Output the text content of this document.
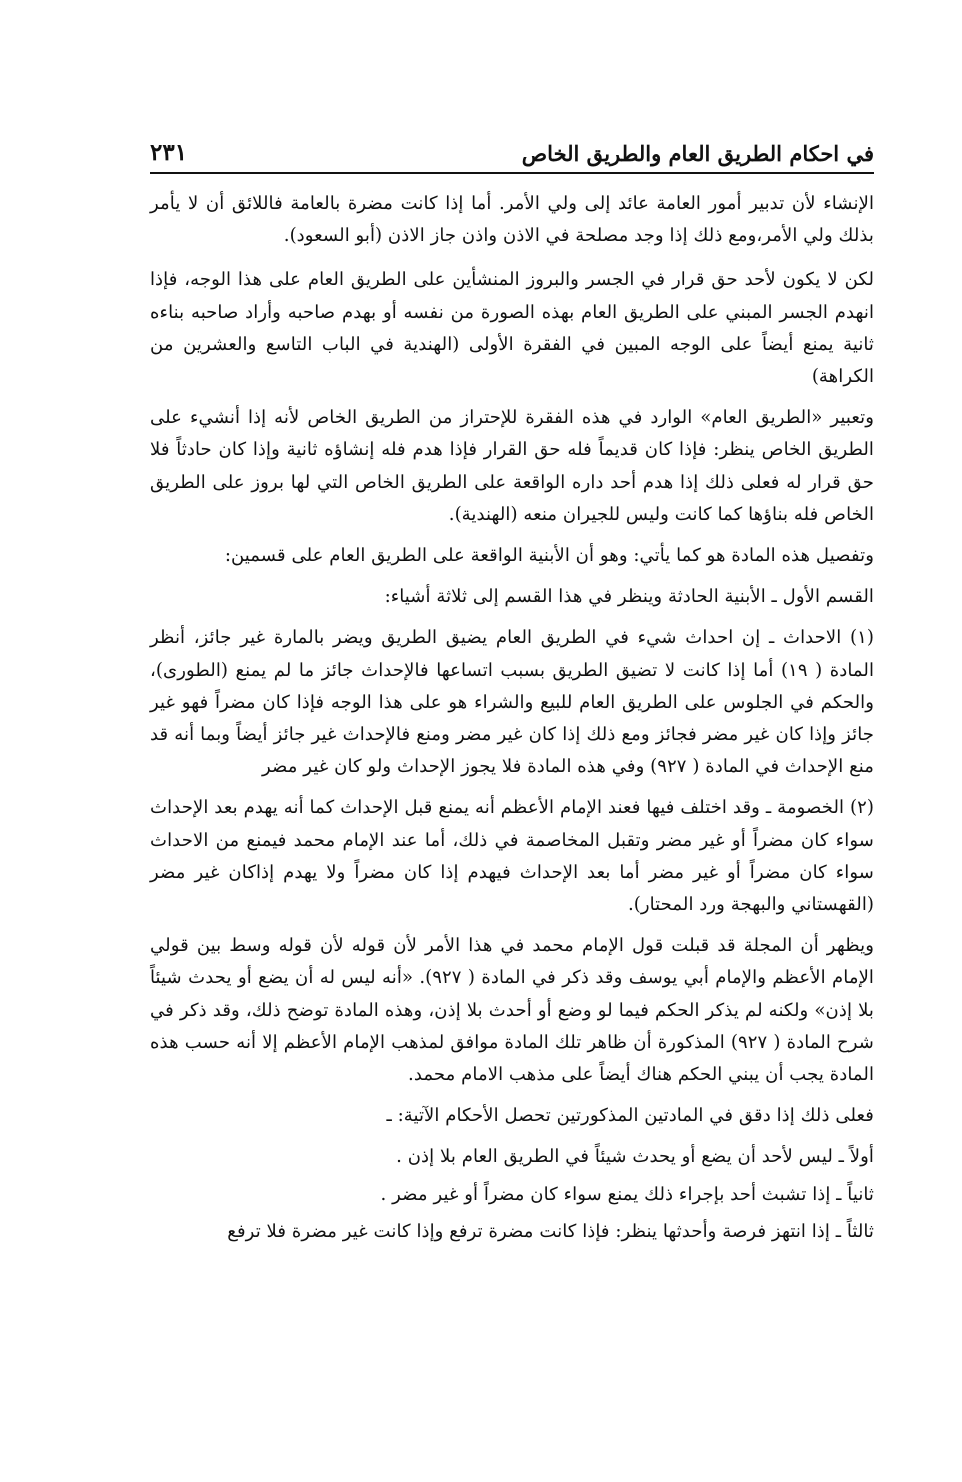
في احكام الطريق العام والطريق الخاص
٢٣١

الإنشاء لأن تدبير أمور العامة عائد إلى ولي الأمر. أما إذا كانت مضرة بالعامة فاللائق أن لا يأمر بذلك ولي الأمر،ومع ذلك إذا وجد مصلحة في الاذن واذن جاز الاذن (أبو السعود).

لكن لا يكون لأحد حق قرار في الجسر والبروز المنشأين على الطريق العام على هذا الوجه، فإذا انهدم الجسر المبني على الطريق العام بهذه الصورة من نفسه أو بهدم صاحبه وأراد صاحبه بناءه ثانية يمنع أيضاً على الوجه المبين في الفقرة الأولى (الهندية في الباب التاسع والعشرين من الكراهة)

وتعبير «الطريق العام» الوارد في هذه الفقرة للإحتراز من الطريق الخاص لأنه إذا أنشيء على الطريق الخاص ينظر: فإذا كان قديماً فله حق القرار فإذا هدم فله إنشاؤه ثانية وإذا كان حادثاً فلا حق قرار له فعلى ذلك إذا هدم أحد داره الواقعة على الطريق الخاص التي لها بروز على الطريق الخاص فله بناؤها كما كانت وليس للجيران منعه (الهندية).

وتفصيل هذه المادة هو كما يأتي: وهو أن الأبنية الواقعة على الطريق العام على قسمين:

القسم الأول ـ الأبنية الحادثة وينظر في هذا القسم إلى ثلاثة أشياء:

(١) الاحداث ـ إن احداث شيء في الطريق العام يضيق الطريق ويضر بالمارة غير جائز، أنظر المادة ( ١٩) أما إذا كانت لا تضيق الطريق بسبب اتساعها فالإحداث جائز ما لم يمنع (الطورى)، والحكم في الجلوس على الطريق العام للبيع والشراء هو على هذا الوجه فإذا كان مضراً فهو غير جائز وإذا كان غير مضر فجائز ومع ذلك إذا كان غير مضر ومنع فالإحداث غير جائز أيضاً وبما أنه قد منع الإحداث في المادة ( ٩٢٧) وفي هذه المادة فلا يجوز الإحداث ولو كان غير مضر

(٢) الخصومة ـ وقد اختلف فيها فعند الإمام الأعظم أنه يمنع قبل الإحداث كما أنه يهدم بعد الإحداث سواء كان مضراً أو غير مضر وتقبل المخاصمة في ذلك، أما عند الإمام محمد فيمنع من الاحداث سواء كان مضراً أو غير مضر أما بعد الإحداث فيهدم إذا كان مضراً ولا يهدم إذاكان غير مضر (القهستاني والبهجة ورد المحتار).

ويظهر أن المجلة قد قبلت قول الإمام محمد في هذا الأمر لأن قوله لأن قوله وسط بين قولي الإمام الأعظم والإمام أبي يوسف وقد ذكر في المادة ( ٩٢٧). «أنه ليس له أن يضع أو يحدث شيئاً بلا إذن» ولكنه لم يذكر الحكم فيما لو وضع أو أحدث بلا إذن، وهذه المادة توضح ذلك، وقد ذكر في شرح المادة ( ٩٢٧) المذكورة أن ظاهر تلك المادة موافق لمذهب الإمام الأعظم إلا أنه حسب هذه المادة يجب أن يبني الحكم هناك أيضاً على مذهب الامام محمد.

فعلى ذلك إذا دقق في المادتين المذكورتين تحصل الأحكام الآتية: ـ

أولاً ـ ليس لأحد أن يضع أو يحدث شيئاً في الطريق العام بلا إذن .

ثانياً ـ إذا تشبث أحد بإجراء ذلك يمنع سواء كان مضراً أو غير مضر .

ثالثاً ـ إذا انتهز فرصة وأحدثها ينظر: فإذا كانت مضرة ترفع وإذا كانت غير مضرة فلا ترفع
